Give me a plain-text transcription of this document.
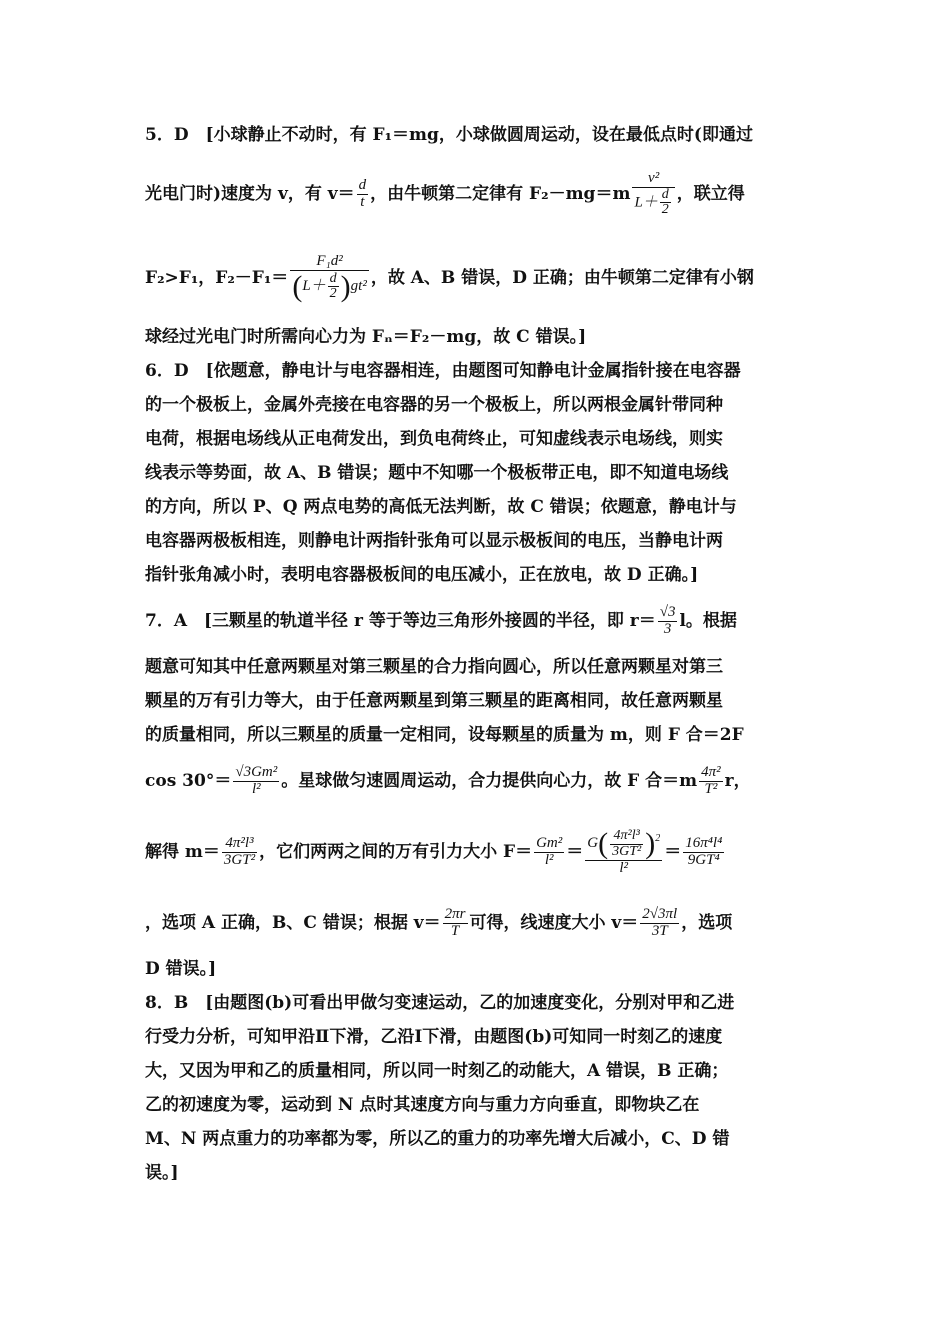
5．D　[小球静止不动时，有 F₁＝mg，小球做圆周运动，设在最低点时(即通过
光电门时)速度为 v，有 $v= \frac{d}{t}$ ，由牛顿第二定律有 $F_2-mg=m \frac{\text{v²}}{L+ \frac{d}{2}}$ ，联立得
F₂>F₁，$F_2-F_1= \frac{\text{F₁d²}}{(L+ \frac{d}{2} )gt^2}$ ，故 A、B 错误，D 正确；由牛顿第二定律有小钢
球经过光电门时所需向心力为 Fₙ＝F₂－mg，故 C 错误。]
6．D　[依题意，静电计与电容器相连，由题图可知静电计金属指针接在电容器
的一个极板上，金属外壳接在电容器的另一个极板上，所以两根金属针带同种
电荷，根据电场线从正电荷发出，到负电荷终止，可知虚线表示电场线，则实
线表示等势面，故 A、B 错误；题中不知哪一个极板带正电，即不知道电场线
的方向，所以 P、Q 两点电势的高低无法判断，故 C 错误；依题意，静电计与
电容器两极板相连，则静电计两指针张角可以显示极板间的电压，当静电计两
指针张角减小时，表明电容器极板间的电压减小，正在放电，故 D 正确。]
7．A　[三颗星的轨道半径 r 等于等边三角形外接圆的半径，即 $r= \frac{√3}{3}$ l。根据
题意可知其中任意两颗星对第三颗星的合力指向圆心，所以任意两颗星对第三
颗星的万有引力等大，由于任意两颗星到第三颗星的距离相同，故任意两颗星
的质量相同，所以三颗星的质量一定相同，设每颗星的质量为 m，则 F 合＝2F
$\cos 30^\circ= \frac{\text{√3Gm²}}{\text{l²}}$ 。星球做匀速圆周运动，合力提供向心力，故 F 合$=m \frac{\text{4π²}}{\text{T²}}$ r，
解得 $m= \frac{\text{4π²l³}}{\text{3GT²}}$ ，它们两两之间的万有引力大小 $F= \frac{\text{Gm²}}{\text{l²}} = \frac{G( \frac{\text{4π²l³}}{\text{3GT²}} )^2}{\text{l²}} = \frac{\text{16π⁴l⁴}}{\text{9GT⁴}}$
，选项 A 正确，B、C 错误；根据 $v= \frac{2\pi r}{T}$ 可得，线速度大小 $v= \frac{2√3\pi l}{3T}$ ，选项
D 错误。]
8．B　[由题图(b)可看出甲做匀变速运动，乙的加速度变化，分别对甲和乙进
行受力分析，可知甲沿Ⅱ下滑，乙沿Ⅰ下滑，由题图(b)可知同一时刻乙的速度
大，又因为甲和乙的质量相同，所以同一时刻乙的动能大，A 错误，B 正确；
乙的初速度为零，运动到 N 点时其速度方向与重力方向垂直，即物块乙在
M、N 两点重力的功率都为零，所以乙的重力的功率先增大后减小，C、D 错
误。]
